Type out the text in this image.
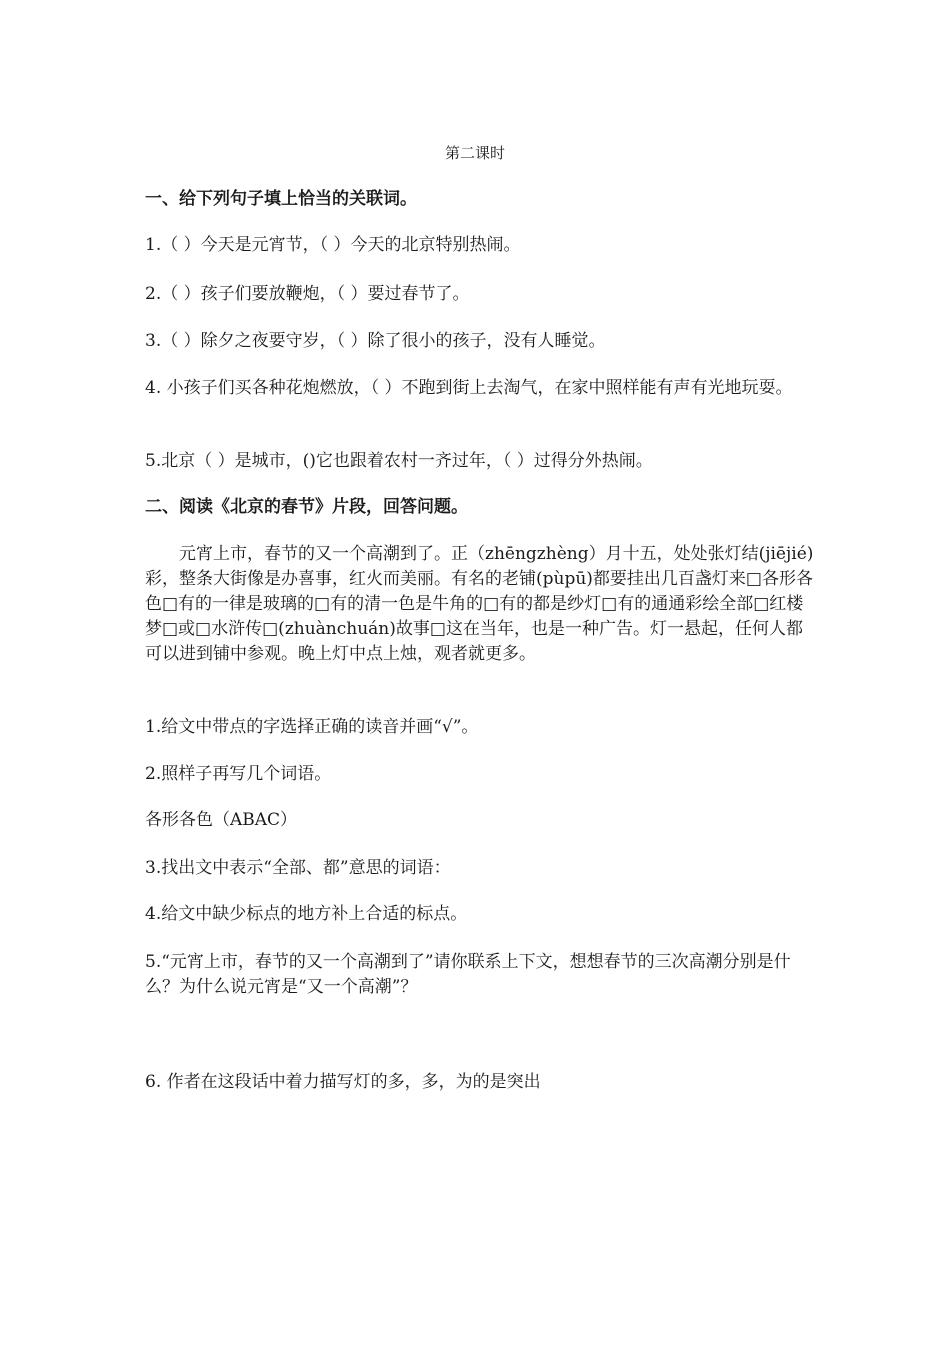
第二课时
一、给下列句子填上恰当的关联词。
1.（ ）今天是元宵节，（ ）今天的北京特别热闹。
2.（ ）孩子们要放鞭炮，（ ）要过春节了。
3.（ ）除夕之夜要守岁，（ ）除了很小的孩子，没有人睡觉。
4. 小孩子们买各种花炮燃放，（ ）不跑到街上去淘气，在家中照样能有声有光地玩耍。
5.北京（ ）是城市，()它也跟着农村一齐过年，（ ）过得分外热闹。
二、阅读《北京的春节》片段，回答问题。
元宵上市，春节的又一个高潮到了。正（zhēngzhèng）月十五，处处张灯结(jiējié)彩，整条大街像是办喜事，红火而美丽。有名的老铺(pùpū)都要挂出几百盏灯来□各形各色□有的一律是玻璃的□有的清一色是牛角的□有的都是纱灯□有的通通彩绘全部□红楼梦□或□水浒传□(zhuànchuán)故事□这在当年，也是一种广告。灯一悬起，任何人都可以进到铺中参观。晚上灯中点上烛，观者就更多。
1.给文中带点的字选择正确的读音并画“√”。
2.照样子再写几个词语。
各形各色（ABAC）
3.找出文中表示“全部、都”意思的词语：
4.给文中缺少标点的地方补上合适的标点。
5.“元宵上市，春节的又一个高潮到了”请你联系上下文，想想春节的三次高潮分别是什么？为什么说元宵是“又一个高潮”？
6. 作者在这段话中着力描写灯的多，多，为的是突出
